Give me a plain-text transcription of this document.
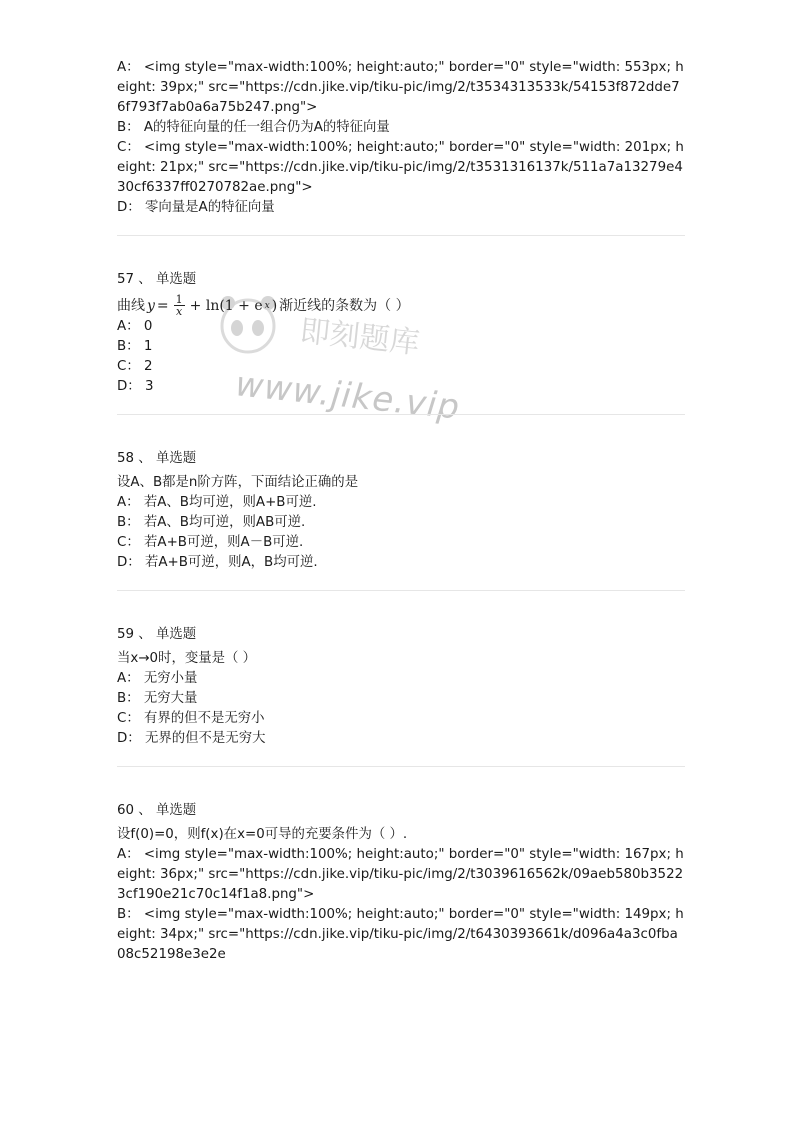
即刻题库
www.jike.vip
A： <img style="max-width:100%; height:auto;" border="0" style="width: 553px; height: 39px;" src="https://cdn.jike.vip/tiku-pic/img/2/t3534313533k/54153f872dde76f793f7ab0a6a75b247.png">
B： A的特征向量的任一组合仍为A的特征向量
C： <img style="max-width:100%; height:auto;" border="0" style="width: 201px; height: 21px;" src="https://cdn.jike.vip/tiku-pic/img/2/t3531316137k/511a7a13279e430cf6337ff0270782ae.png">
D： 零向量是A的特征向量
57 、 单选题
曲线 $y = \frac{1}{x} + \ln(1 + e$ x ) 渐近线的条数为（ ）
A： 0
B： 1
C： 2
D： 3
58 、 单选题
设A、B都是n阶方阵，下面结论正确的是
A： 若A、B均可逆，则A+B可逆.
B： 若A、B均可逆，则AB可逆.
C： 若A+B可逆，则A－B可逆.
D： 若A+B可逆，则A，B均可逆.
59 、 单选题
当x→0时，变量是（ ）
A： 无穷小量
B： 无穷大量
C： 有界的但不是无穷小
D： 无界的但不是无穷大
60 、 单选题
设f(0)=0，则f(x)在x=0可导的充要条件为（ ）.
A： <img style="max-width:100%; height:auto;" border="0" style="width: 167px; height: 36px;" src="https://cdn.jike.vip/tiku-pic/img/2/t3039616562k/09aeb580b35223cf190e21c70c14f1a8.png">
B： <img style="max-width:100%; height:auto;" border="0" style="width: 149px; height: 34px;" src="https://cdn.jike.vip/tiku-pic/img/2/t6430393661k/d096a4a3c0fba08c52198e3e2e
